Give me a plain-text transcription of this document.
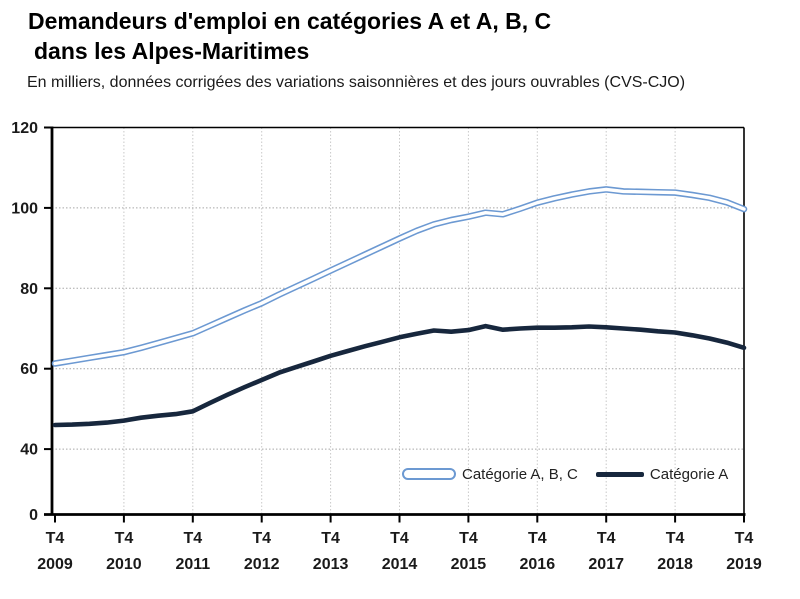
Demandeurs d'emploi en catégories A et A, B, C
dans les Alpes-Maritimes
En milliers, données corrigées des variations saisonnières et des jours ouvrables (CVS-CJO)
120
100
80
60
40
0
T4
2009
T4
2010
T4
2011
T4
2012
T4
2013
T4
2014
T4
2015
T4
2016
T4
2017
T4
2018
T4
2019
Catégorie A, B, C	Catégorie A
